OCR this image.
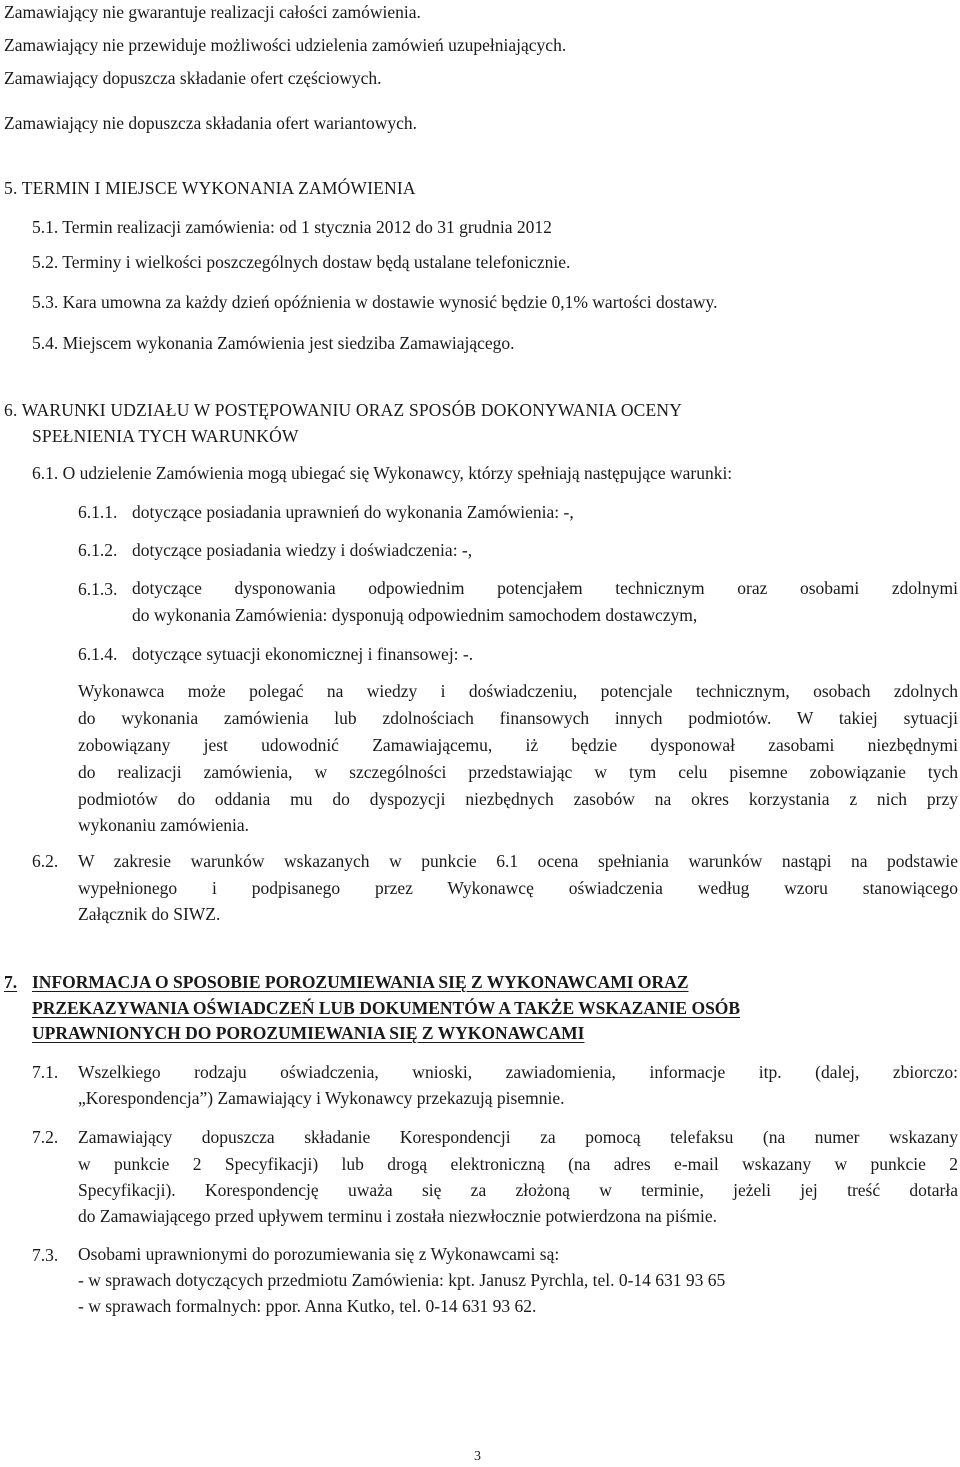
Zamawiający nie gwarantuje realizacji całości zamówienia.
Zamawiający nie przewiduje możliwości udzielenia zamówień uzupełniających.
Zamawiający dopuszcza składanie ofert częściowych.
Zamawiający nie dopuszcza składania ofert wariantowych.
5. TERMIN I MIEJSCE WYKONANIA ZAMÓWIENIA
5.1. Termin realizacji zamówienia: od 1 stycznia 2012 do 31 grudnia 2012
5.2. Terminy i wielkości poszczególnych dostaw będą ustalane telefonicznie.
5.3. Kara umowna za każdy dzień opóźnienia w dostawie wynosić będzie 0,1% wartości dostawy.
5.4. Miejscem wykonania Zamówienia jest siedziba Zamawiającego.
6. WARUNKI UDZIAŁU W POSTĘPOWANIU ORAZ SPOSÓB DOKONYWANIA OCENY
SPEŁNIENIA TYCH WARUNKÓW
6.1. O udzielenie Zamówienia mogą ubiegać się Wykonawcy, którzy spełniają następujące warunki:
6.1.1. dotyczące posiadania uprawnień do wykonania Zamówienia: -,
6.1.2. dotyczące posiadania wiedzy i doświadczenia: -,
6.1.3. dotyczące dysponowania odpowiednim potencjałem technicznym oraz osobami zdolnymi
do wykonania Zamówienia: dysponują odpowiednim samochodem dostawczym,
6.1.4. dotyczące sytuacji ekonomicznej i finansowej: -.
Wykonawca może polegać na wiedzy i doświadczeniu, potencjale technicznym, osobach zdolnych
do wykonania zamówienia lub zdolnościach finansowych innych podmiotów. W takiej sytuacji
zobowiązany jest udowodnić Zamawiającemu, iż będzie dysponował zasobami niezbędnymi
do realizacji zamówienia, w szczególności przedstawiając w tym celu pisemne zobowiązanie tych
podmiotów do oddania mu do dyspozycji niezbędnych zasobów na okres korzystania z nich przy
wykonaniu zamówienia.
6.2. W zakresie warunków wskazanych w punkcie 6.1 ocena spełniania warunków nastąpi na podstawie
wypełnionego i podpisanego przez Wykonawcę oświadczenia według wzoru stanowiącego
Załącznik do SIWZ.
7. INFORMACJA O SPOSOBIE POROZUMIEWANIA SIĘ Z WYKONAWCAMI ORAZ
PRZEKAZYWANIA OŚWIADCZEŃ LUB DOKUMENTÓW A TAKŻE WSKAZANIE OSÓB
UPRAWNIONYCH DO POROZUMIEWANIA SIĘ Z WYKONAWCAMI
7.1. Wszelkiego rodzaju oświadczenia, wnioski, zawiadomienia, informacje itp. (dalej, zbiorczo:
„Korespondencja”) Zamawiający i Wykonawcy przekazują pisemnie.
7.2. Zamawiający dopuszcza składanie Korespondencji za pomocą telefaksu (na numer wskazany
w punkcie 2 Specyfikacji) lub drogą elektroniczną (na adres e-mail wskazany w punkcie 2
Specyfikacji). Korespondencję uważa się za złożoną w terminie, jeżeli jej treść dotarła
do Zamawiającego przed upływem terminu i została niezwłocznie potwierdzona na piśmie.
7.3. Osobami uprawnionymi do porozumiewania się z Wykonawcami są:
- w sprawach dotyczących przedmiotu Zamówienia: kpt. Janusz Pyrchla, tel. 0-14 631 93 65
- w sprawach formalnych: ppor. Anna Kutko, tel. 0-14 631 93 62.
3
